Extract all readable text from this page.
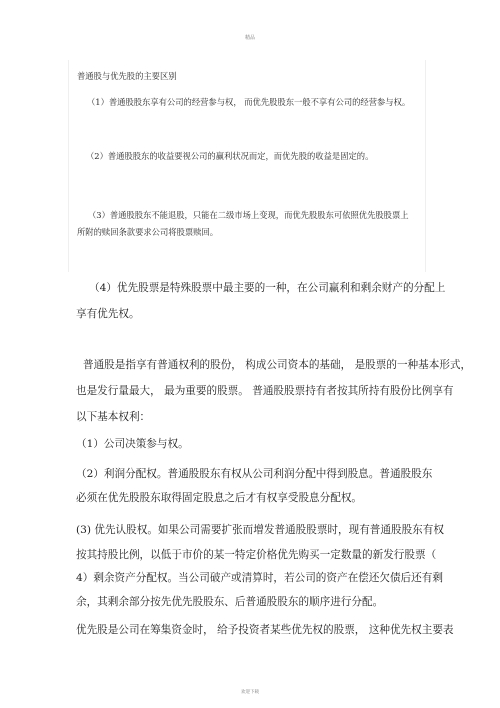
精品
普通股与优先股的主要区别
（1）普通股股东享有公司的经营参与权， 而优先股股东一般不享有公司的经营参与权。
（2）普通股股东的收益要视公司的赢利状况而定，而优先股的收益是固定的。
（3）普通股股东不能退股，只能在二级市场上变现，而优先股股东可依照优先股股票上
所附的赎回条款要求公司将股票赎回。
（4）优先股票是特殊股票中最主要的一种，在公司赢利和剩余财产的分配上
享有优先权。
普通股是指享有普通权利的股份， 构成公司资本的基础， 是股票的一种基本形式，
也是发行量最大， 最为重要的股票。 普通股股票持有者按其所持有股份比例享有
以下基本权利：
（1）公司决策参与权。
（2）利润分配权。普通股股东有权从公司利润分配中得到股息。普通股股东
必须在优先股股东取得固定股息之后才有权享受股息分配权。
(3) 优先认股权。如果公司需要扩张而增发普通股股票时，现有普通股股东有权
按其持股比例，以低于市价的某一特定价格优先购买一定数量的新发行股票（
4）剩余资产分配权。当公司破产或清算时，若公司的资产在偿还欠债后还有剩
余，其剩余部分按先优先股股东、后普通股股东的顺序进行分配。
优先股是公司在筹集资金时， 给予投资者某些优先权的股票， 这种优先权主要表
欢迎下载
